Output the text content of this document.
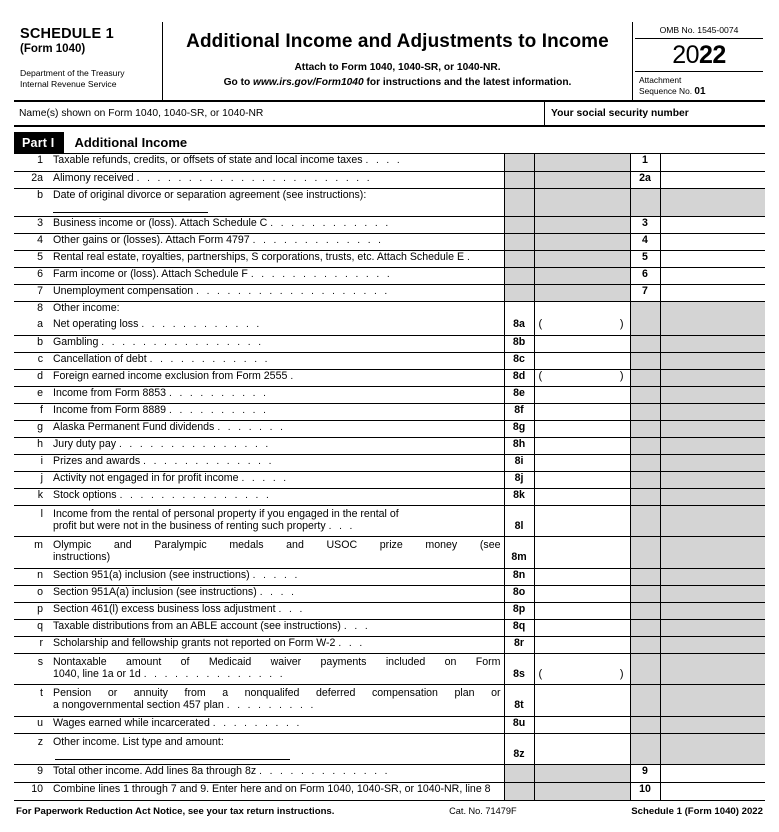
SCHEDULE 1
(Form 1040)
Department of the Treasury
Internal Revenue Service
Additional Income and Adjustments to Income
Attach to Form 1040, 1040-SR, or 1040-NR.
Go to www.irs.gov/Form1040 for instructions and the latest information.
OMB No. 1545-0074
2022
Attachment
Sequence No. 01
Name(s) shown on Form 1040, 1040-SR, or 1040-NR	Your social security number
Part I	Additional Income
1	Taxable refunds, credits, or offsets of state and local income taxes . . . .			1	
2a	Alimony received . . . . . . . . . . . . . . . . . . . . . . .			2a	
b	Date of original divorce or separation agreement (see instructions):				
3	Business income or (loss). Attach Schedule C . . . . . . . . . . . .			3	
4	Other gains or (losses). Attach Form 4797 . . . . . . . . . . . . .			4	
5	Rental real estate, royalties, partnerships, S corporations, trusts, etc. Attach Schedule E .			5	
6	Farm income or (loss). Attach Schedule F . . . . . . . . . . . . . .			6	
7	Unemployment compensation . . . . . . . . . . . . . . . . . . .			7	
8	Other income:				
a	Net operating loss . . . . . . . . . . . .	8a	( )		

b	Gambling . . . . . . . . . . . . . . . .	8b			
c	Cancellation of debt . . . . . . . . . . . .	8c			
d	Foreign earned income exclusion from Form 2555 .	8d	( )		

e	Income from Form 8853 . . . . . . . . . .	8e			
f	Income from Form 8889 . . . . . . . . . .	8f			
g	Alaska Permanent Fund dividends . . . . . . .	8g			
h	Jury duty pay . . . . . . . . . . . . . . .	8h			
i	Prizes and awards . . . . . . . . . . . . .	8i			
j	Activity not engaged in for profit income . . . . .	8j			
k	Stock options . . . . . . . . . . . . . . .	8k			
l	Income from the rental of personal property if you engaged in the rental of				

	profit but were not in the business of renting such property . . .	8l			
m	Olympic and Paralympic medals and USOC prize money (see				
	instructions)	8m			
n	Section 951(a) inclusion (see instructions) . . . . .	8n			
o	Section 951A(a) inclusion (see instructions) . . . .	8o			
p	Section 461(l) excess business loss adjustment . . .	8p			
q	Taxable distributions from an ABLE account (see instructions) . . .	8q			
r	Scholarship and fellowship grants not reported on Form W-2 . . .	8r			
s	Nontaxable amount of Medicaid waiver payments included on Form				
	1040, line 1a or 1d . . . . . . . . . . . . . .	8s	( )		

t	Pension or annuity from a nonqualifed deferred compensation plan or				
	a nongovernmental section 457 plan . . . . . . . . .	8t			
u	Wages earned while incarcerated . . . . . . . . .	8u			
z	Other income. List type and amount:				
		8z			
9	Total other income. Add lines 8a through 8z . . . . . . . . . . . . .			9	
10	Combine lines 1 through 7 and 9. Enter here and on Form 1040, 1040-SR, or 1040-NR, line 8			10	
For Paperwork Reduction Act Notice, see your tax return instructions.	Cat. No. 71479F	Schedule 1 (Form 1040) 2022
